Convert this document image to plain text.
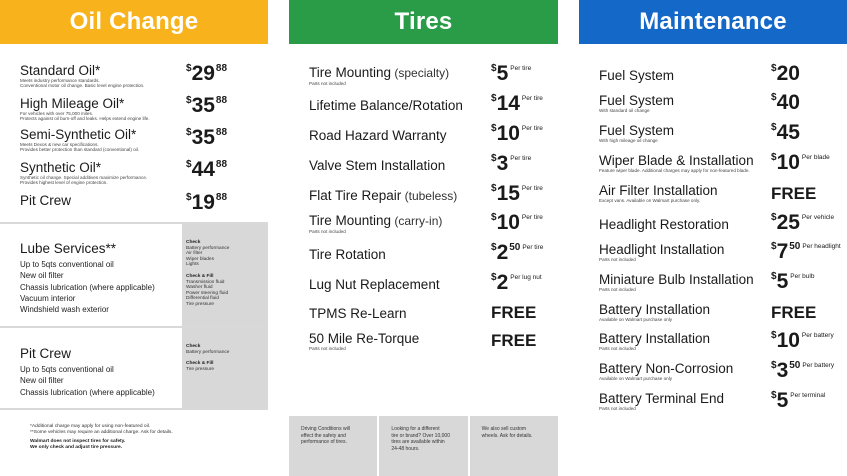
Oil Change
Standard Oil*
Meets industry performance standards.
Conventional motor oil change. Basic level engine protection.
$^{\$}29^{88}$
High Mileage Oil*
For vehicles with over 75,000 miles.
Protects against oil burn-off and leaks. Helps extend engine life.
$^{\$}35^{88}$
Semi-Synthetic Oil*
Meets Dexos & new car specifications.
Provides better protection than standard (conventional) oil.
$^{\$}35^{88}$
Synthetic Oil*
Synthetic oil change. Special additives maximize performance.
Provides highest level of engine protection.
$^{\$}44^{88}$
Pit Crew	$^{\$}19^{88}$
Lube Services**
Up to 5qts conventional oil
New oil filter
Chassis lubrication (where applicable)
Vacuum interior
Windshield wash exterior
Check
Battery performance
Air filter
Wiper blades
Lights
Check & Fill
Transmission fluid
Washer fluid
Power steering fluid
Differential fluid
Tire pressure
Pit Crew
Up to 5qts conventional oil
New oil filter
Chassis lubrication (where applicable)
Check
Battery performance
Check & Fill
Tire pressure
*Additional charge may apply for using non-featured oil.
**Some vehicles may require an additional charge. Ask for details.
Walmart does not inspect tires for safety.
We only check and adjust tire pressure.
Tires
Tire Mounting (specialty)
Parts not included
$5 Per tire
Lifetime Balance/Rotation	$14 Per tire
Road Hazard Warranty	$10 Per tire
Valve Stem Installation	$3 Per tire
Flat Tire Repair (tubeless)
$15 Per tire
Tire Mounting (carry-in)
Parts not included
$10 Per tire
Tire Rotation	$^{\$}2^{50}$ Per tire
Lug Nut Replacement	$2 Per lug nut
TPMS Re-Learn	FREE
50 Mile Re-Torque
Parts not included	FREE
Driving Conditions will
effect the safety and
performance of tires.
Looking for a different
tire or brand? Over 10,000
tires are available within
24-48 hours.
We also sell custom
wheels. Ask for details.
Maintenance
Fuel System	$20
Fuel System
With standard oil change
$40
Fuel System
With high mileage oil change
$45
Wiper Blade & Installation
Feature wiper blade. Additional charges may apply for non-featured blade.
$10 Per blade
Air Filter Installation
Except vans. Available on Walmart purchase only.	FREE
Headlight Restoration	$25 Per vehicle
Headlight Installation
Parts not included
$^{\$}7^{50}$ Per headlight
Miniature Bulb Installation
Parts not included
$5 Per bulb
Battery Installation
Available on Walmart purchase only	FREE
Battery Installation
Parts not included
$10 Per battery
Battery Non-Corrosion
Available on Walmart purchase only
$^{\$}3^{50}$ Per battery
Battery Terminal End
Parts not included
$5 Per terminal
